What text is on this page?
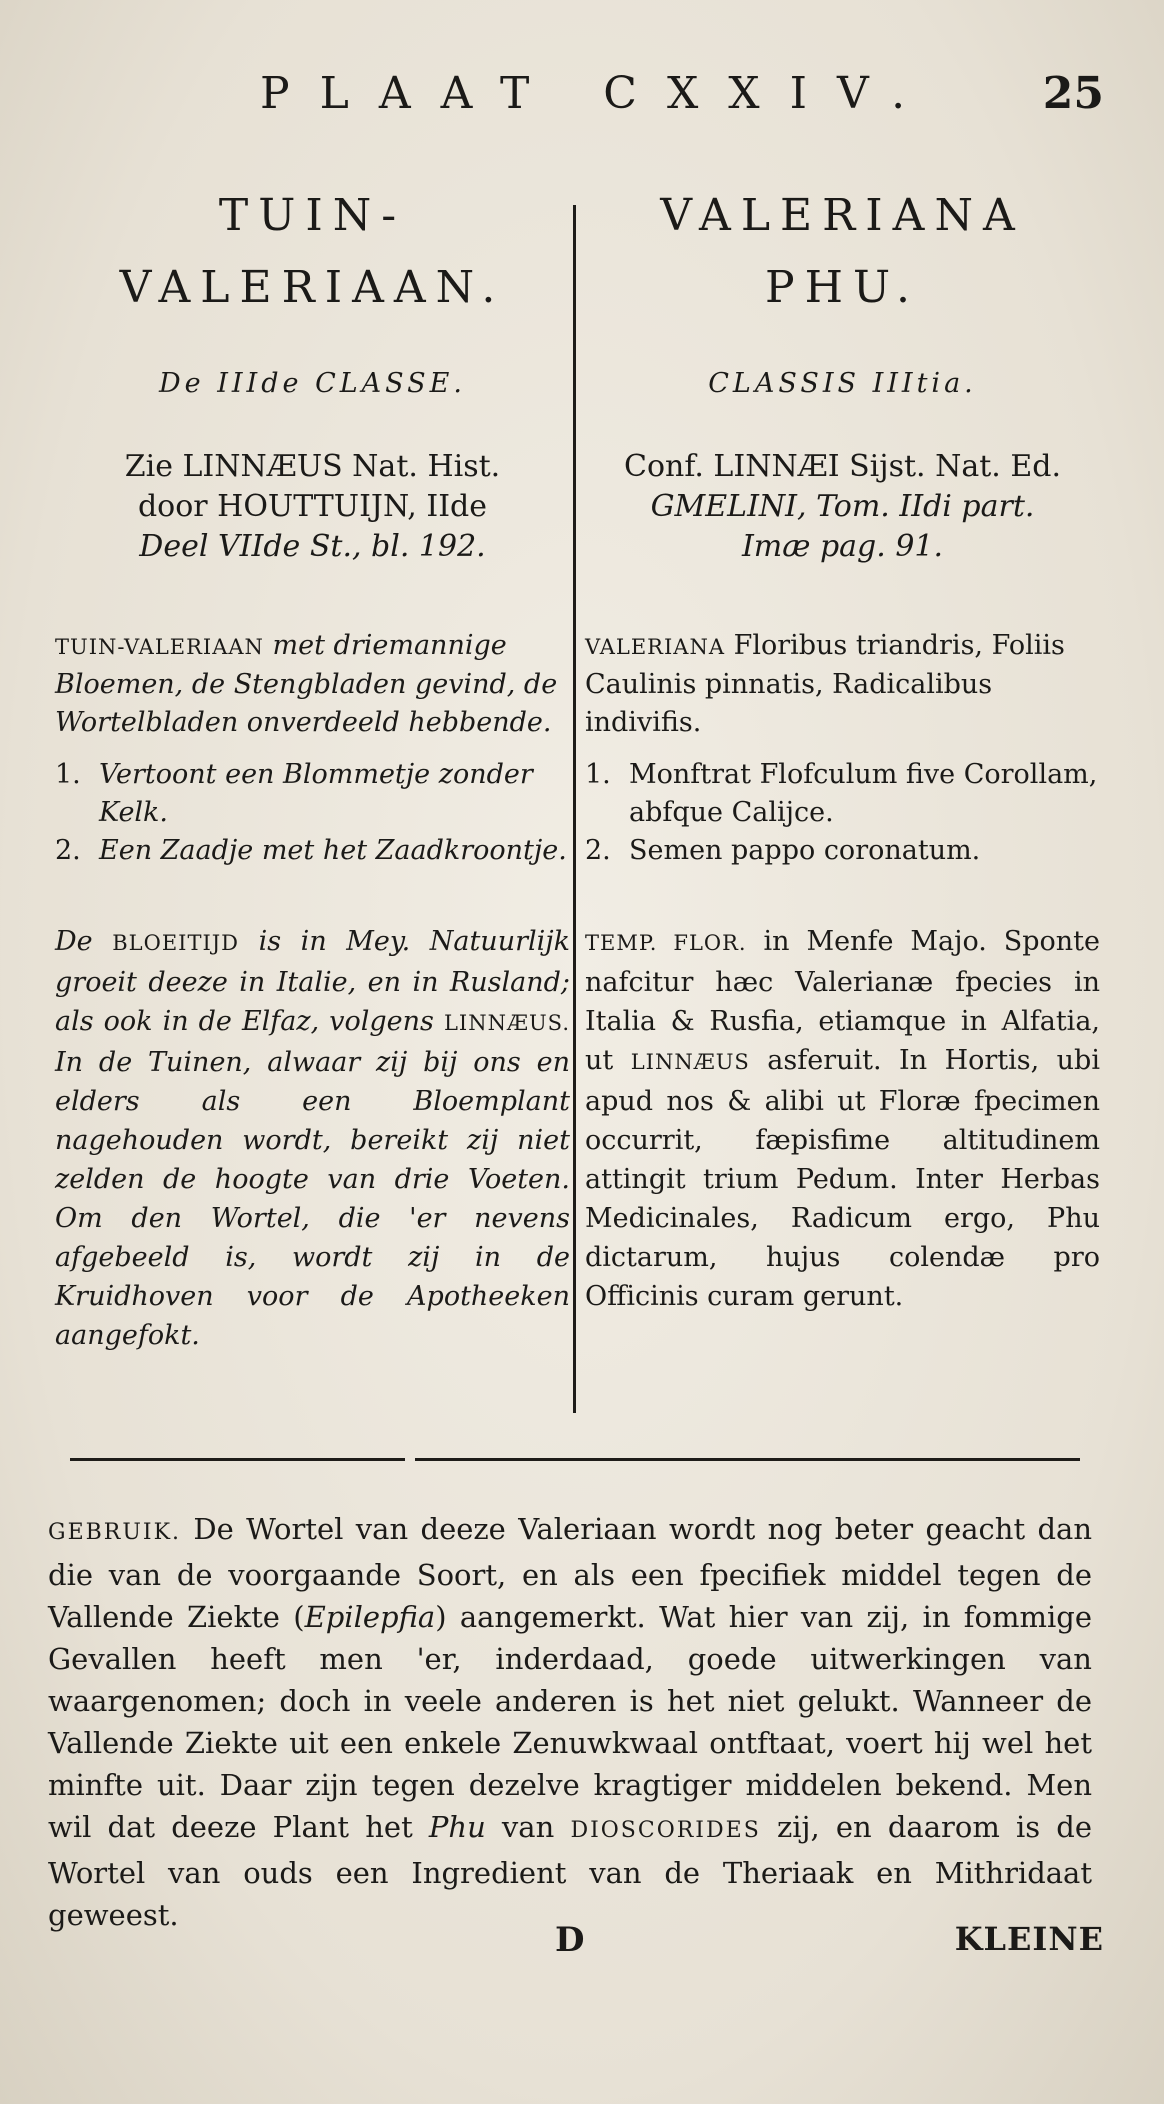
PLAAT CXXIV. 25

TUIN-

VALERIAAN.

De IIIde CLASSE.
Zie LINNÆUS Nat. Hist.
door HOUTTUIJN, IIde
Deel VIIde St., bl. 192.
TUIN-VALERIAAN met driemannige Bloemen, de Stengbladen gevind, de Wortelbladen onverdeeld hebbende.
1. Vertoont een Blommetje zonder Kelk.
2. Een Zaadje met het Zaadkroontje.
De BLOEITIJD is in Mey. Natuurlijk groeit deeze in Italie, en in Rusland; als ook in de Elfaz, volgens LINNÆUS. In de Tuinen, alwaar zij bij ons en elders als een Bloemplant nagehouden wordt, bereikt zij niet zelden de hoogte van drie Voeten. Om den Wortel, die 'er nevens afgebeeld is, wordt zij in de Kruidhoven voor de Apotheeken aangefokt.

VALERIANA

PHU.

CLASSIS IIItia.
Conf. LINNÆI Sijst. Nat. Ed.
GMELINI, Tom. IIdi part.
Imæ pag. 91.
VALERIANA Floribus triandris, Foliis Caulinis pinnatis, Radicalibus indivifis.
1. Monftrat Flofculum five Corollam, abfque Calijce.
2. Semen pappo coronatum.
TEMP. FLOR. in Menfe Majo. Sponte nafcitur hæc Valerianæ fpecies in Italia & Rusfia, etiamque in Alfatia, ut LINNÆUS asferuit. In Hortis, ubi apud nos & alibi ut Floræ fpecimen occurrit, fæpisfime altitudinem attingit trium Pedum. Inter Herbas Medicinales, Radicum ergo, Phu dictarum, hujus colendæ pro Officinis curam gerunt.
GEBRUIK. De Wortel van deeze Valeriaan wordt nog beter geacht dan die van de voorgaande Soort, en als een fpecifiek middel tegen de Vallende Ziekte (Epilepfia) aangemerkt. Wat hier van zij, in fommige Gevallen heeft men 'er, inderdaad, goede uitwerkingen van waargenomen; doch in veele anderen is het niet gelukt. Wanneer de Vallende Ziekte uit een enkele Zenuwkwaal ontftaat, voert hij wel het minfte uit. Daar zijn tegen dezelve kragtiger middelen bekend. Men wil dat deeze Plant het Phu van DIOSCORIDES zij, en daarom is de Wortel van ouds een Ingredient van de Theriaak en Mithridaat geweest.
D	KLEINE
